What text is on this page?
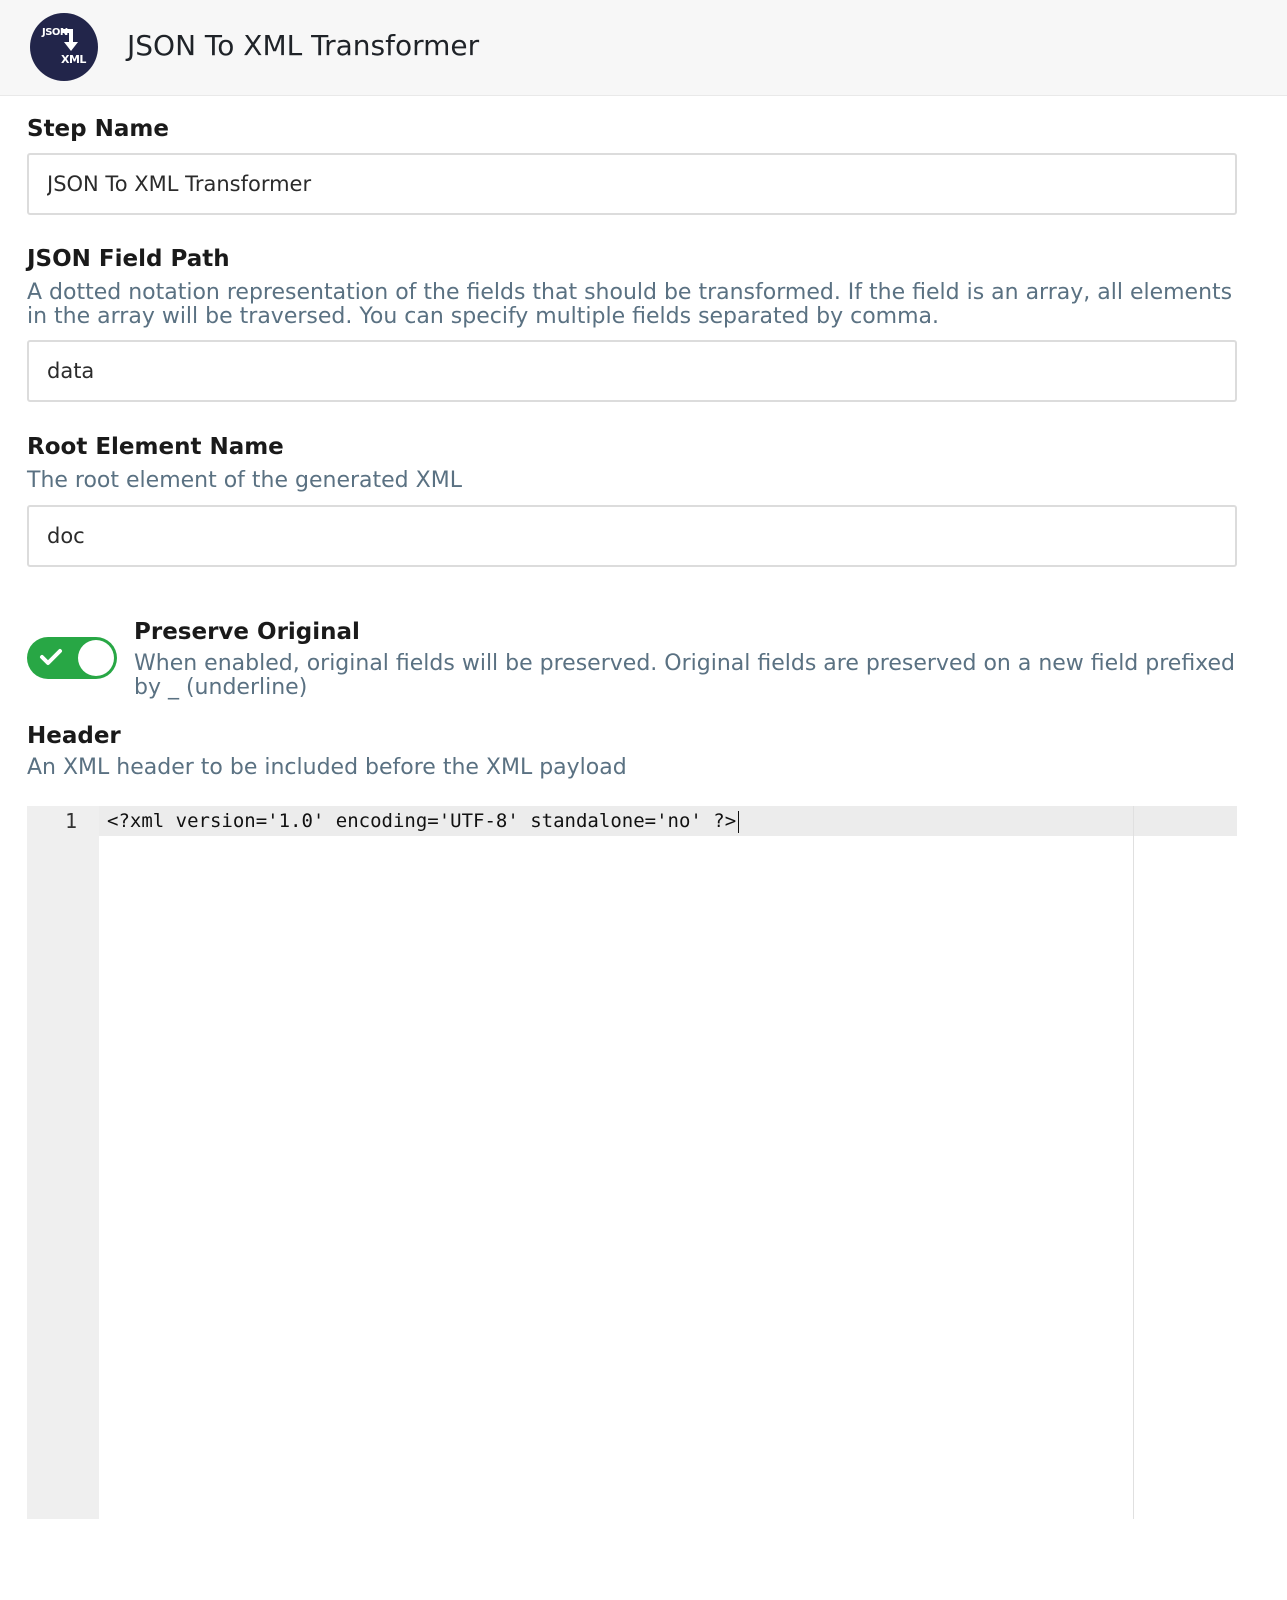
JSON
XML JSON To XML Transformer
Step Name
JSON To XML Transformer
JSON Field Path
A dotted notation representation of the fields that should be transformed. If the field is an array, all elements in the array will be traversed. You can specify multiple fields separated by comma.
data
Root Element Name
The root element of the generated XML
doc
Preserve Original
When enabled, original fields will be preserved. Original fields are preserved on a new field prefixed by _ (underline)
Header
An XML header to be included before the XML payload
1 <?xml version='1.0' encoding='UTF-8' standalone='no' ?>
